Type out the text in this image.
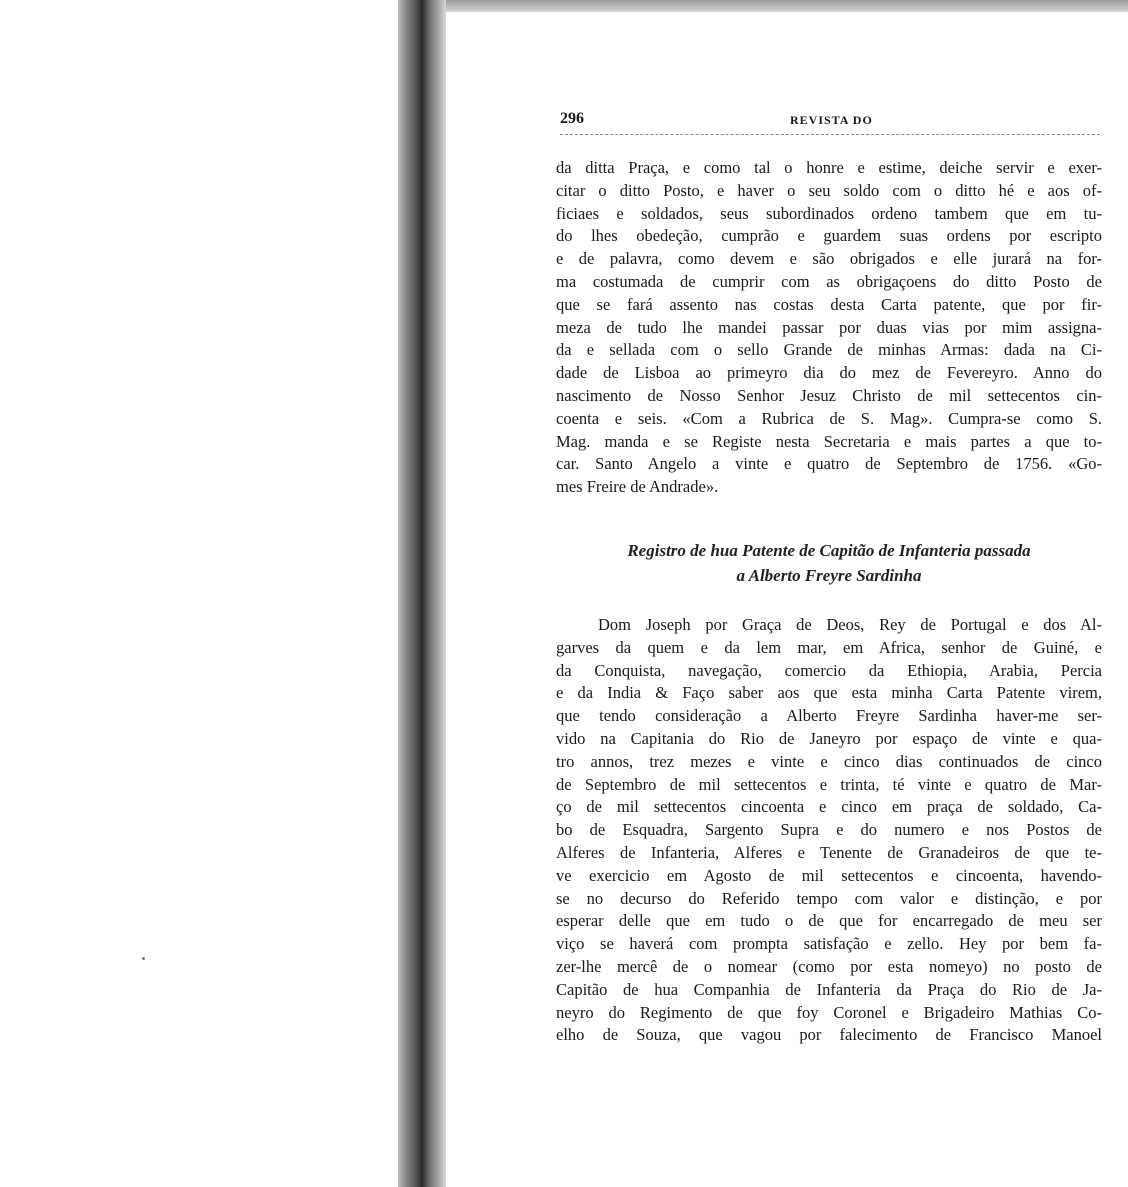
296	REVISTA DO
da ditta Praça, e como tal o honre e estime, deiche servir e exer-
citar o ditto Posto, e haver o seu soldo com o ditto hé e aos of-
ficiaes e soldados, seus subordinados ordeno tambem que em tu-
do lhes obedeção, cumprão e guardem suas ordens por escripto
e de palavra, como devem e são obrigados e elle jurará na for-
ma costumada de cumprir com as obrigaçoens do ditto Posto de
que se fará assento nas costas desta Carta patente, que por fir-
meza de tudo lhe mandei passar por duas vias por mim assigna-
da e sellada com o sello Grande de minhas Armas: dada na Ci-
dade de Lisboa ao primeyro dia do mez de Fevereyro. Anno do
nascimento de Nosso Senhor Jesuz Christo de mil settecentos cin-
coenta e seis. «Com a Rubrica de S. Mag». Cumpra-se como S.
Mag. manda e se Registe nesta Secretaria e mais partes a que to-
car. Santo Angelo a vinte e quatro de Septembro de 1756. «Go-
mes Freire de Andrade».
Registro de hua Patente de Capitão de Infanteria passada
a Alberto Freyre Sardinha
Dom Joseph por Graça de Deos, Rey de Portugal e dos Al-
garves da quem e da lem mar, em Africa, senhor de Guiné, e
da Conquista, navegação, comercio da Ethiopia, Arabia, Percia
e da India & Faço saber aos que esta minha Carta Patente virem,
que tendo consideração a Alberto Freyre Sardinha haver-me ser-
vido na Capitania do Rio de Janeyro por espaço de vinte e qua-
tro annos, trez mezes e vinte e cinco dias continuados de cinco
de Septembro de mil settecentos e trinta, té vinte e quatro de Mar-
ço de mil settecentos cincoenta e cinco em praça de soldado, Ca-
bo de Esquadra, Sargento Supra e do numero e nos Postos de
Alferes de Infanteria, Alferes e Tenente de Granadeiros de que te-
ve exercicio em Agosto de mil settecentos e cincoenta, havendo-
se no decurso do Referido tempo com valor e distinção, e por
esperar delle que em tudo o de que for encarregado de meu ser
viço se haverá com prompta satisfação e zello. Hey por bem fa-
zer-lhe mercê de o nomear (como por esta nomeyo) no posto de
Capitão de hua Companhia de Infanteria da Praça do Rio de Ja-
neyro do Regimento de que foy Coronel e Brigadeiro Mathias Co-
elho de Souza, que vagou por falecimento de Francisco Manoel
